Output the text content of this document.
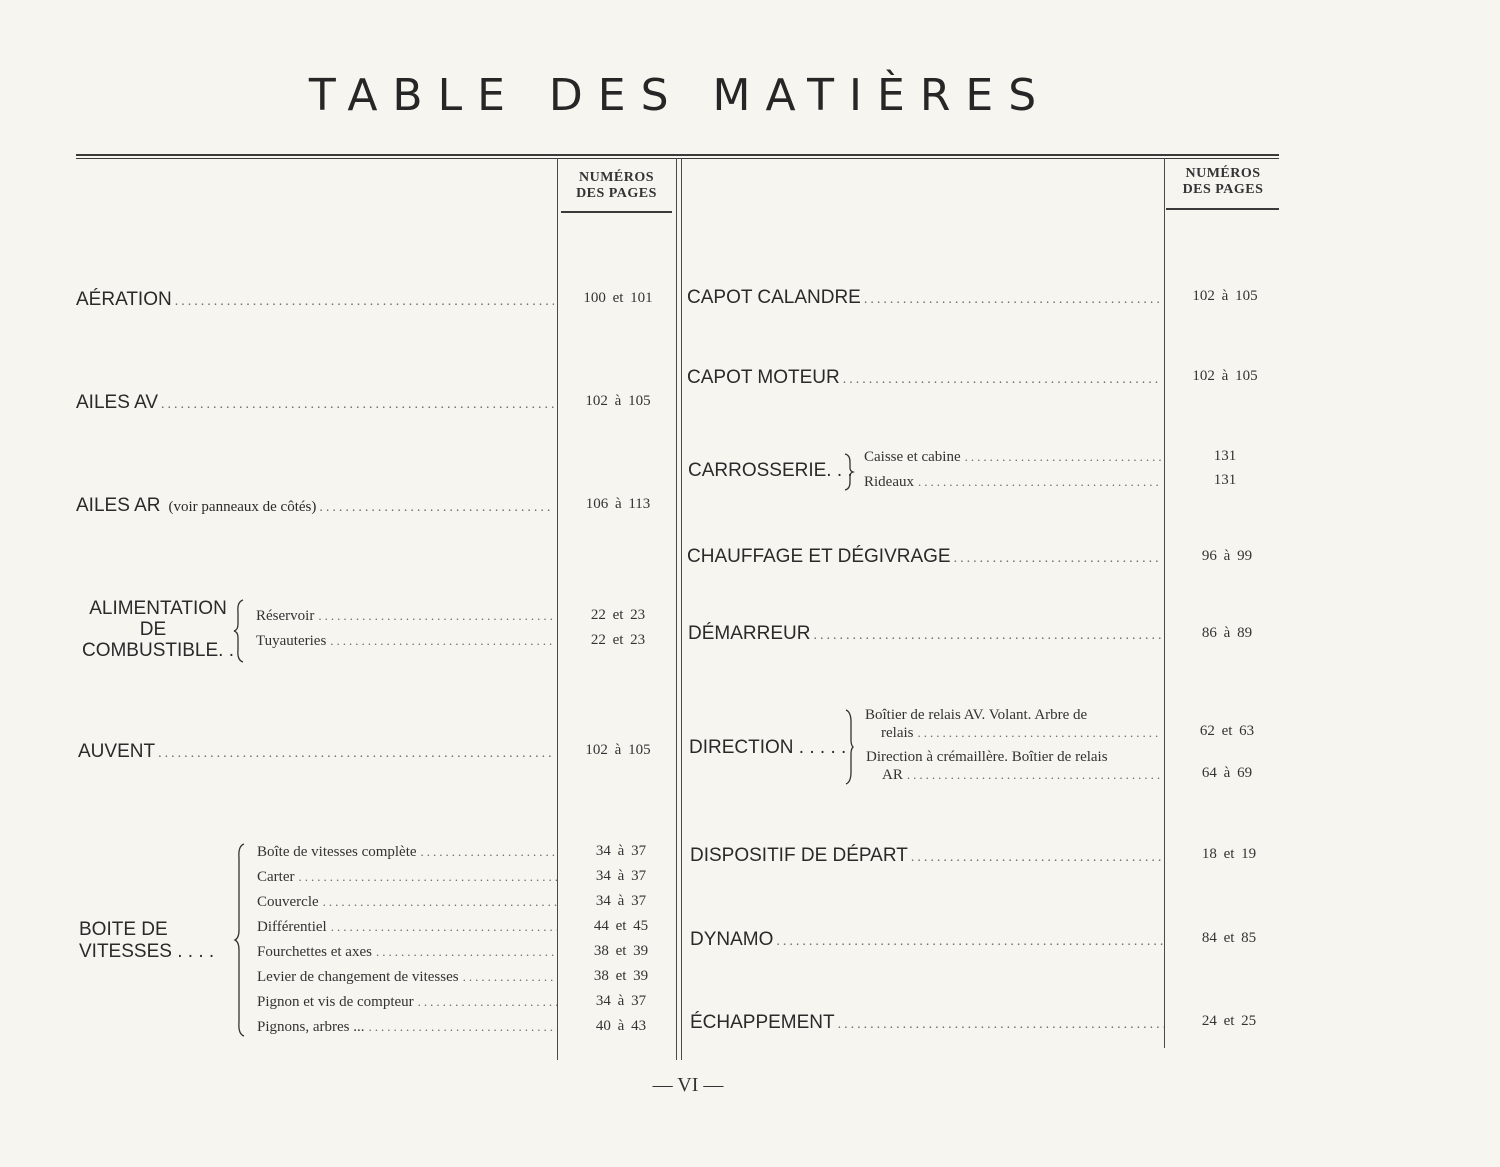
TABLE DES MATIÈRES
NUMÉROS
DES PAGES
NUMÉROS
DES PAGES
AÉRATION .....	100 et 101
AILES AV .....	102 à 105
AILES AR (voir panneaux de côtés) .....	106 à 113
ALIMENTATION
DE
COMBUSTIBLE. .
Réservoir .....	22 et 23
Tuyauteries .....	22 et 23
AUVENT .....	102 à 105
BOITE DE
VITESSES . . . .
Boîte de vitesses complète .....	34 à 37
Carter .....	34 à 37
Couvercle .....	34 à 37
Différentiel .....	44 et 45
Fourchettes et axes .....	38 et 39
Levier de changement de vitesses .....	38 et 39
Pignon et vis de compteur .....	34 à 37
Pignons, arbres ... .....	40 à 43
CAPOT CALANDRE .....	102 à 105
CAPOT MOTEUR .....	102 à 105
CARROSSERIE. . .
Caisse et cabine .....	131
Rideaux .....	131
CHAUFFAGE ET DÉGIVRAGE .....	96 à 99
DÉMARREUR .....	86 à 89
DIRECTION . . . . .
Boîtier de relais AV. Volant. Arbre de
relais .....	62 et 63
Direction à crémaillère. Boîtier de relais
AR .....	64 à 69
DISPOSITIF DE DÉPART .....	18 et 19
DYNAMO .....	84 et 85
ÉCHAPPEMENT .....	24 et 25
— VI —
